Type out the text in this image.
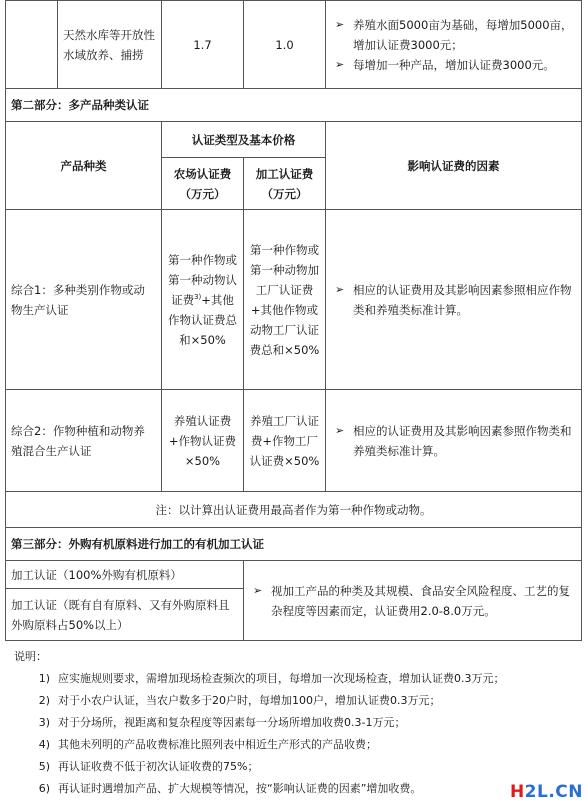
	天然水库等开放性水域放养、捕捞	1.7	1.0	➢ 养殖水面5000亩为基础，每增加5000亩，增加认证费3000元；
➢ 每增加一种产品，增加认证费3000元。

第二部分：多产品种类认证				
产品种类		认证类型及基本价格		影响认证费的因素
		农场认证费（万元）	加工认证费（万元）	
综合1：多种类别作物或动物生产认证		第一种作物或第一种动物认证费$^{3)}$+其他作物认证费总和×50%	第一种作物或第一种动物加工厂认证费+其他作物或动物工厂认证费总和×50%	➢ 相应的认证费用及其影响因素参照相应作物类和养殖类标准计算。

综合2：作物种植和动物养殖混合生产认证		养殖认证费+作物认证费×50%	养殖工厂认证费+作物工厂认证费×50%	➢ 相应的认证费用及其影响因素参照作物类和养殖类标准计算。

注：以计算出认证费用最高者作为第一种作物或动物。				
第三部分：外购有机原料进行加工的有机加工认证				
加工认证（100%外购有机原料）			➢ 视加工产品的种类及其规模、食品安全风险程度、工艺的复杂程度等因素而定，认证费用2.0-8.0万元。	

加工认证（既有自有原料、又有外购原料且外购原料占50%以上）				
说明：
1) 应实施规则要求，需增加现场检查频次的项目，每增加一次现场检查，增加认证费0.3万元；
2) 对于小农户认证，当农户数多于20户时，每增加100户，增加认证费0.3万元；
3) 对于分场所，视距离和复杂程度等因素每一分场所增加收费0.3-1万元；
4) 其他未列明的产品收费标准比照列表中相近生产形式的产品收费；
5) 再认证收费不低于初次认证收费的75%；
6) 再认证时遇增加产品、扩大规模等情况，按“影响认证费的因素”增加收费。	H2L.CN
